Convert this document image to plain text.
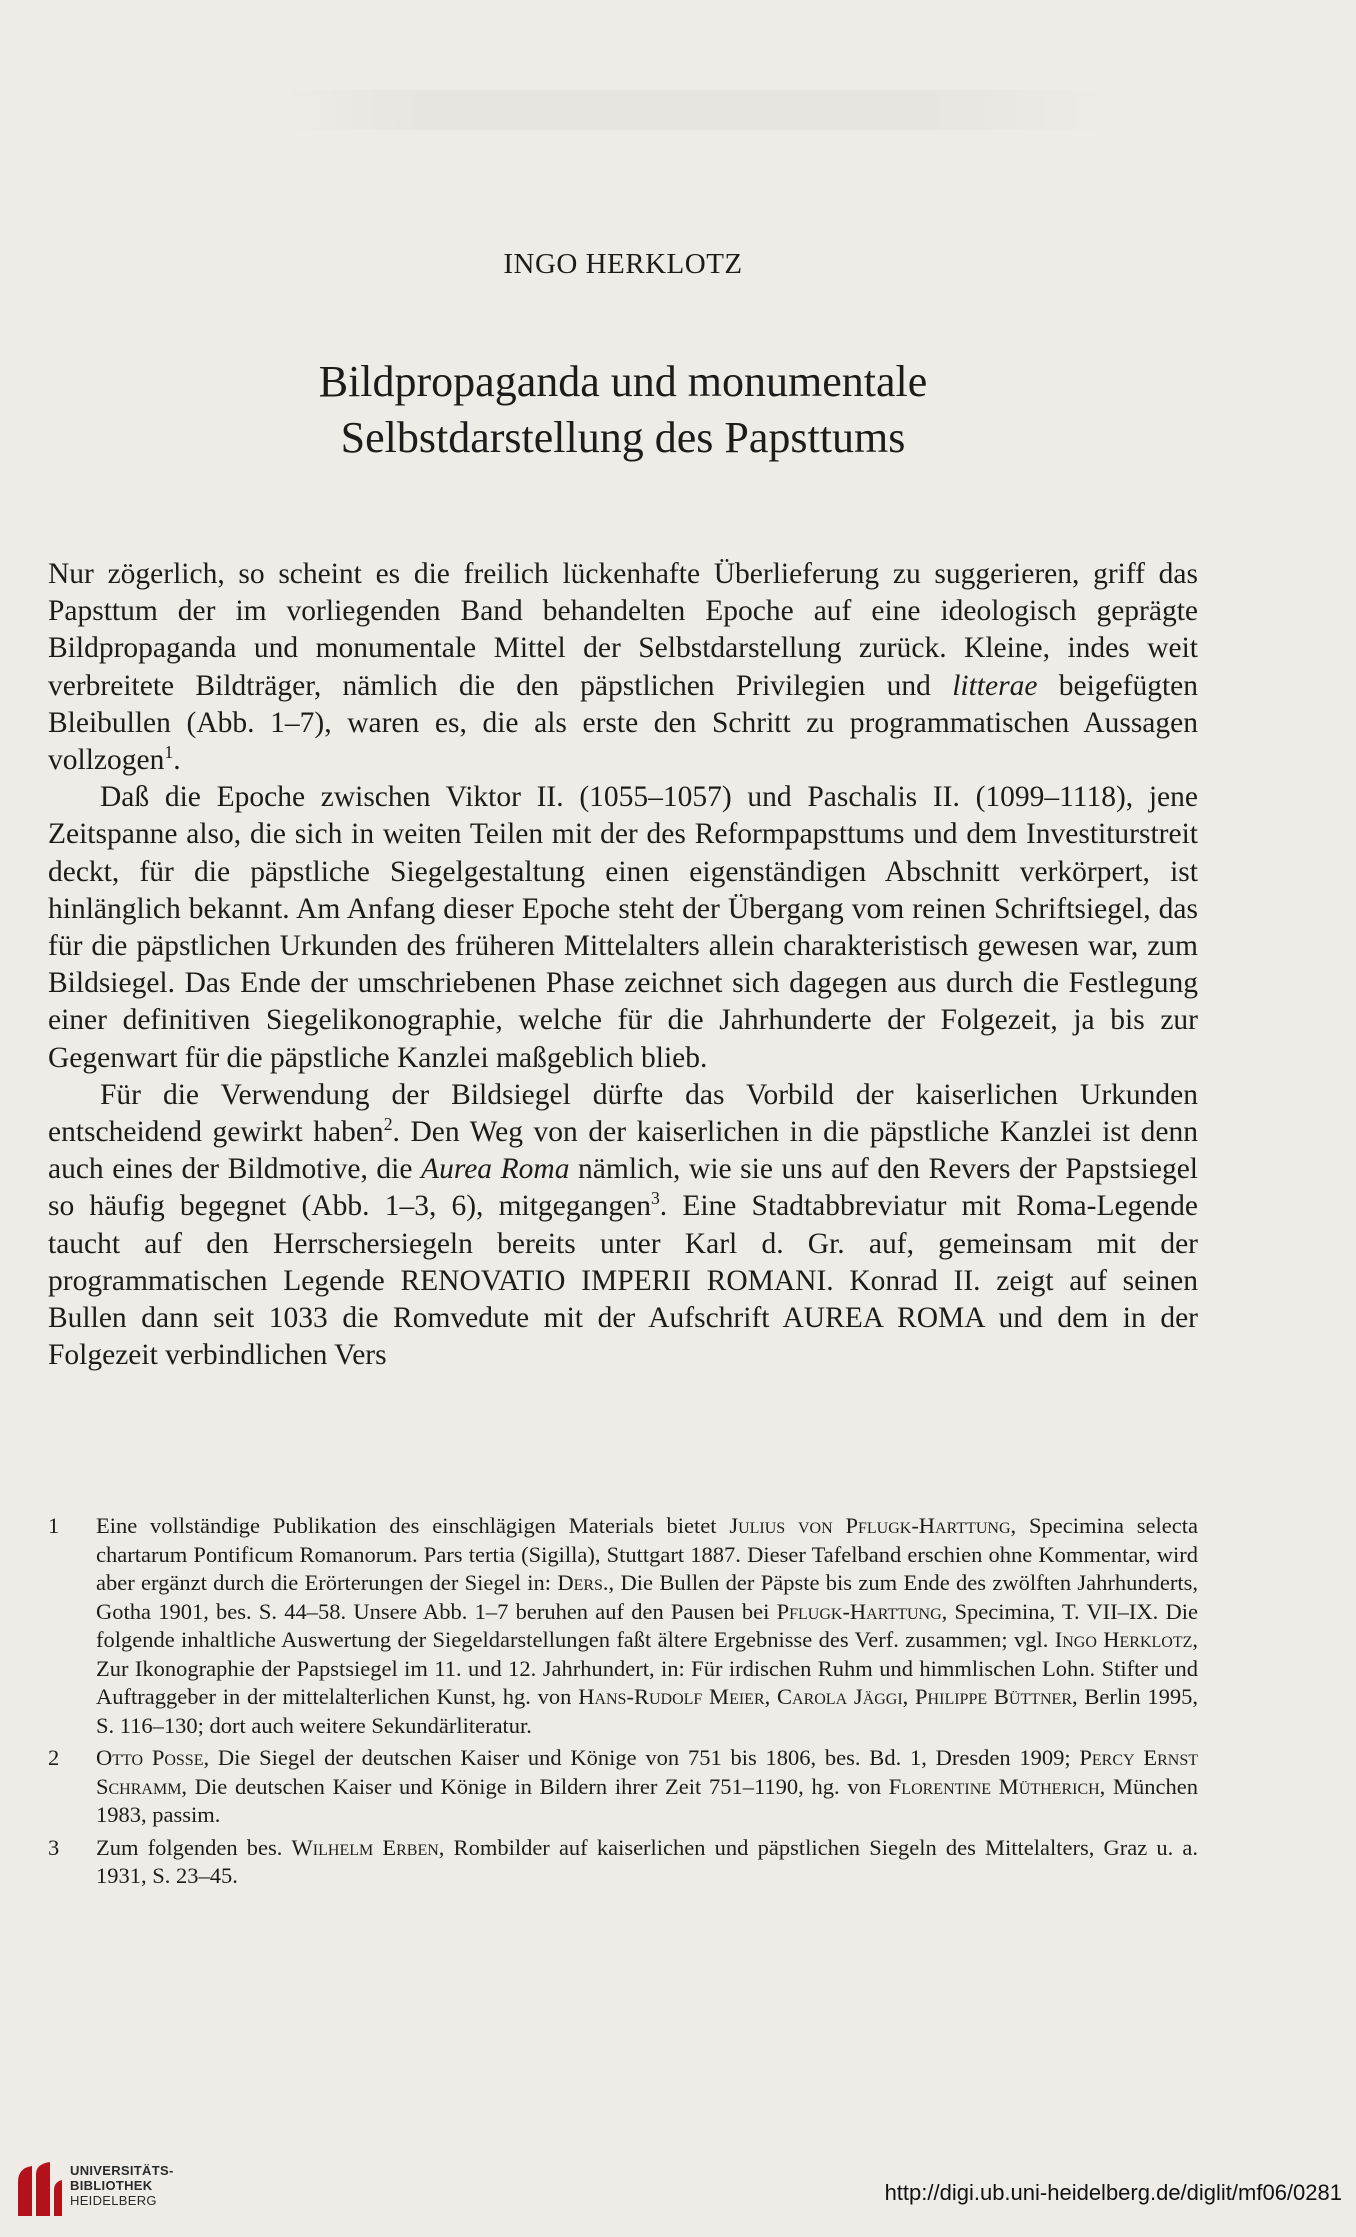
INGO HERKLOTZ
Bildpropaganda und monumentale
Selbstdarstellung des Papsttums

Nur zögerlich, so scheint es die freilich lückenhafte Überlieferung zu suggerieren, griff das Papsttum der im vorliegenden Band behandelten Epoche auf eine ideologisch geprägte Bildpropaganda und monumentale Mittel der Selbstdarstellung zurück. Kleine, indes weit verbreitete Bildträger, nämlich die den päpstlichen Privilegien und litterae beigefügten Bleibullen (Abb. 1–7), waren es, die als erste den Schritt zu programmatischen Aussagen vollzogen$^1$.

Daß die Epoche zwischen Viktor II. (1055–1057) und Paschalis II. (1099–1118), jene Zeitspanne also, die sich in weiten Teilen mit der des Reformpapsttums und dem Investiturstreit deckt, für die päpstliche Siegelgestaltung einen eigenständigen Abschnitt verkörpert, ist hinlänglich bekannt. Am Anfang dieser Epoche steht der Übergang vom reinen Schriftsiegel, das für die päpstlichen Urkunden des früheren Mittelalters allein charakteristisch gewesen war, zum Bildsiegel. Das Ende der umschriebenen Phase zeichnet sich dagegen aus durch die Festlegung einer definitiven Siegelikonographie, welche für die Jahrhunderte der Folgezeit, ja bis zur Gegenwart für die päpstliche Kanzlei maßgeblich blieb.

Für die Verwendung der Bildsiegel dürfte das Vorbild der kaiserlichen Urkunden entscheidend gewirkt haben$^2$. Den Weg von der kaiserlichen in die päpstliche Kanzlei ist denn auch eines der Bildmotive, die Aurea Roma nämlich, wie sie uns auf den Revers der Papstsiegel so häufig begegnet (Abb. 1–3, 6), mitgegangen$^3$. Eine Stadtabbreviatur mit Roma-Legende taucht auf den Herrschersiegeln bereits unter Karl d. Gr. auf, gemeinsam mit der programmatischen Legende RENOVATIO IMPERII ROMANI. Konrad II. zeigt auf seinen Bullen dann seit 1033 die Romvedute mit der Aufschrift AUREA ROMA und dem in der Folgezeit verbindlichen Vers

1	Eine vollständige Publikation des einschlägigen Materials bietet Julius von Pflugk-Harttung, Specimina selecta chartarum Pontificum Romanorum. Pars tertia (Sigilla), Stuttgart 1887. Dieser Tafelband erschien ohne Kommentar, wird aber ergänzt durch die Erörterungen der Siegel in: Ders., Die Bullen der Päpste bis zum Ende des zwölften Jahrhunderts, Gotha 1901, bes. S. 44–58. Unsere Abb. 1–7 beruhen auf den Pausen bei Pflugk-Harttung, Specimina, T. VII–IX. Die folgende inhaltliche Auswertung der Siegeldarstellungen faßt ältere Ergebnisse des Verf. zusammen; vgl. Ingo Herklotz, Zur Ikonographie der Papstsiegel im 11. und 12. Jahrhundert, in: Für irdischen Ruhm und himmlischen Lohn. Stifter und Auftraggeber in der mittelalterlichen Kunst, hg. von Hans-Rudolf Meier, Carola Jäggi, Philippe Büttner, Berlin 1995, S. 116–130; dort auch weitere Sekundärliteratur.
2	Otto Posse, Die Siegel der deutschen Kaiser und Könige von 751 bis 1806, bes. Bd. 1, Dresden 1909; Percy Ernst Schramm, Die deutschen Kaiser und Könige in Bildern ihrer Zeit 751–1190, hg. von Florentine Mütherich, München 1983, passim.
3	Zum folgenden bes. Wilhelm Erben, Rombilder auf kaiserlichen und päpstlichen Siegeln des Mittelalters, Graz u. a. 1931, S. 23–45.
UNIVERSITÄTS-
BIBLIOTHEK
HEIDELBERG	http://digi.ub.uni-heidelberg.de/diglit/mf06/0281
